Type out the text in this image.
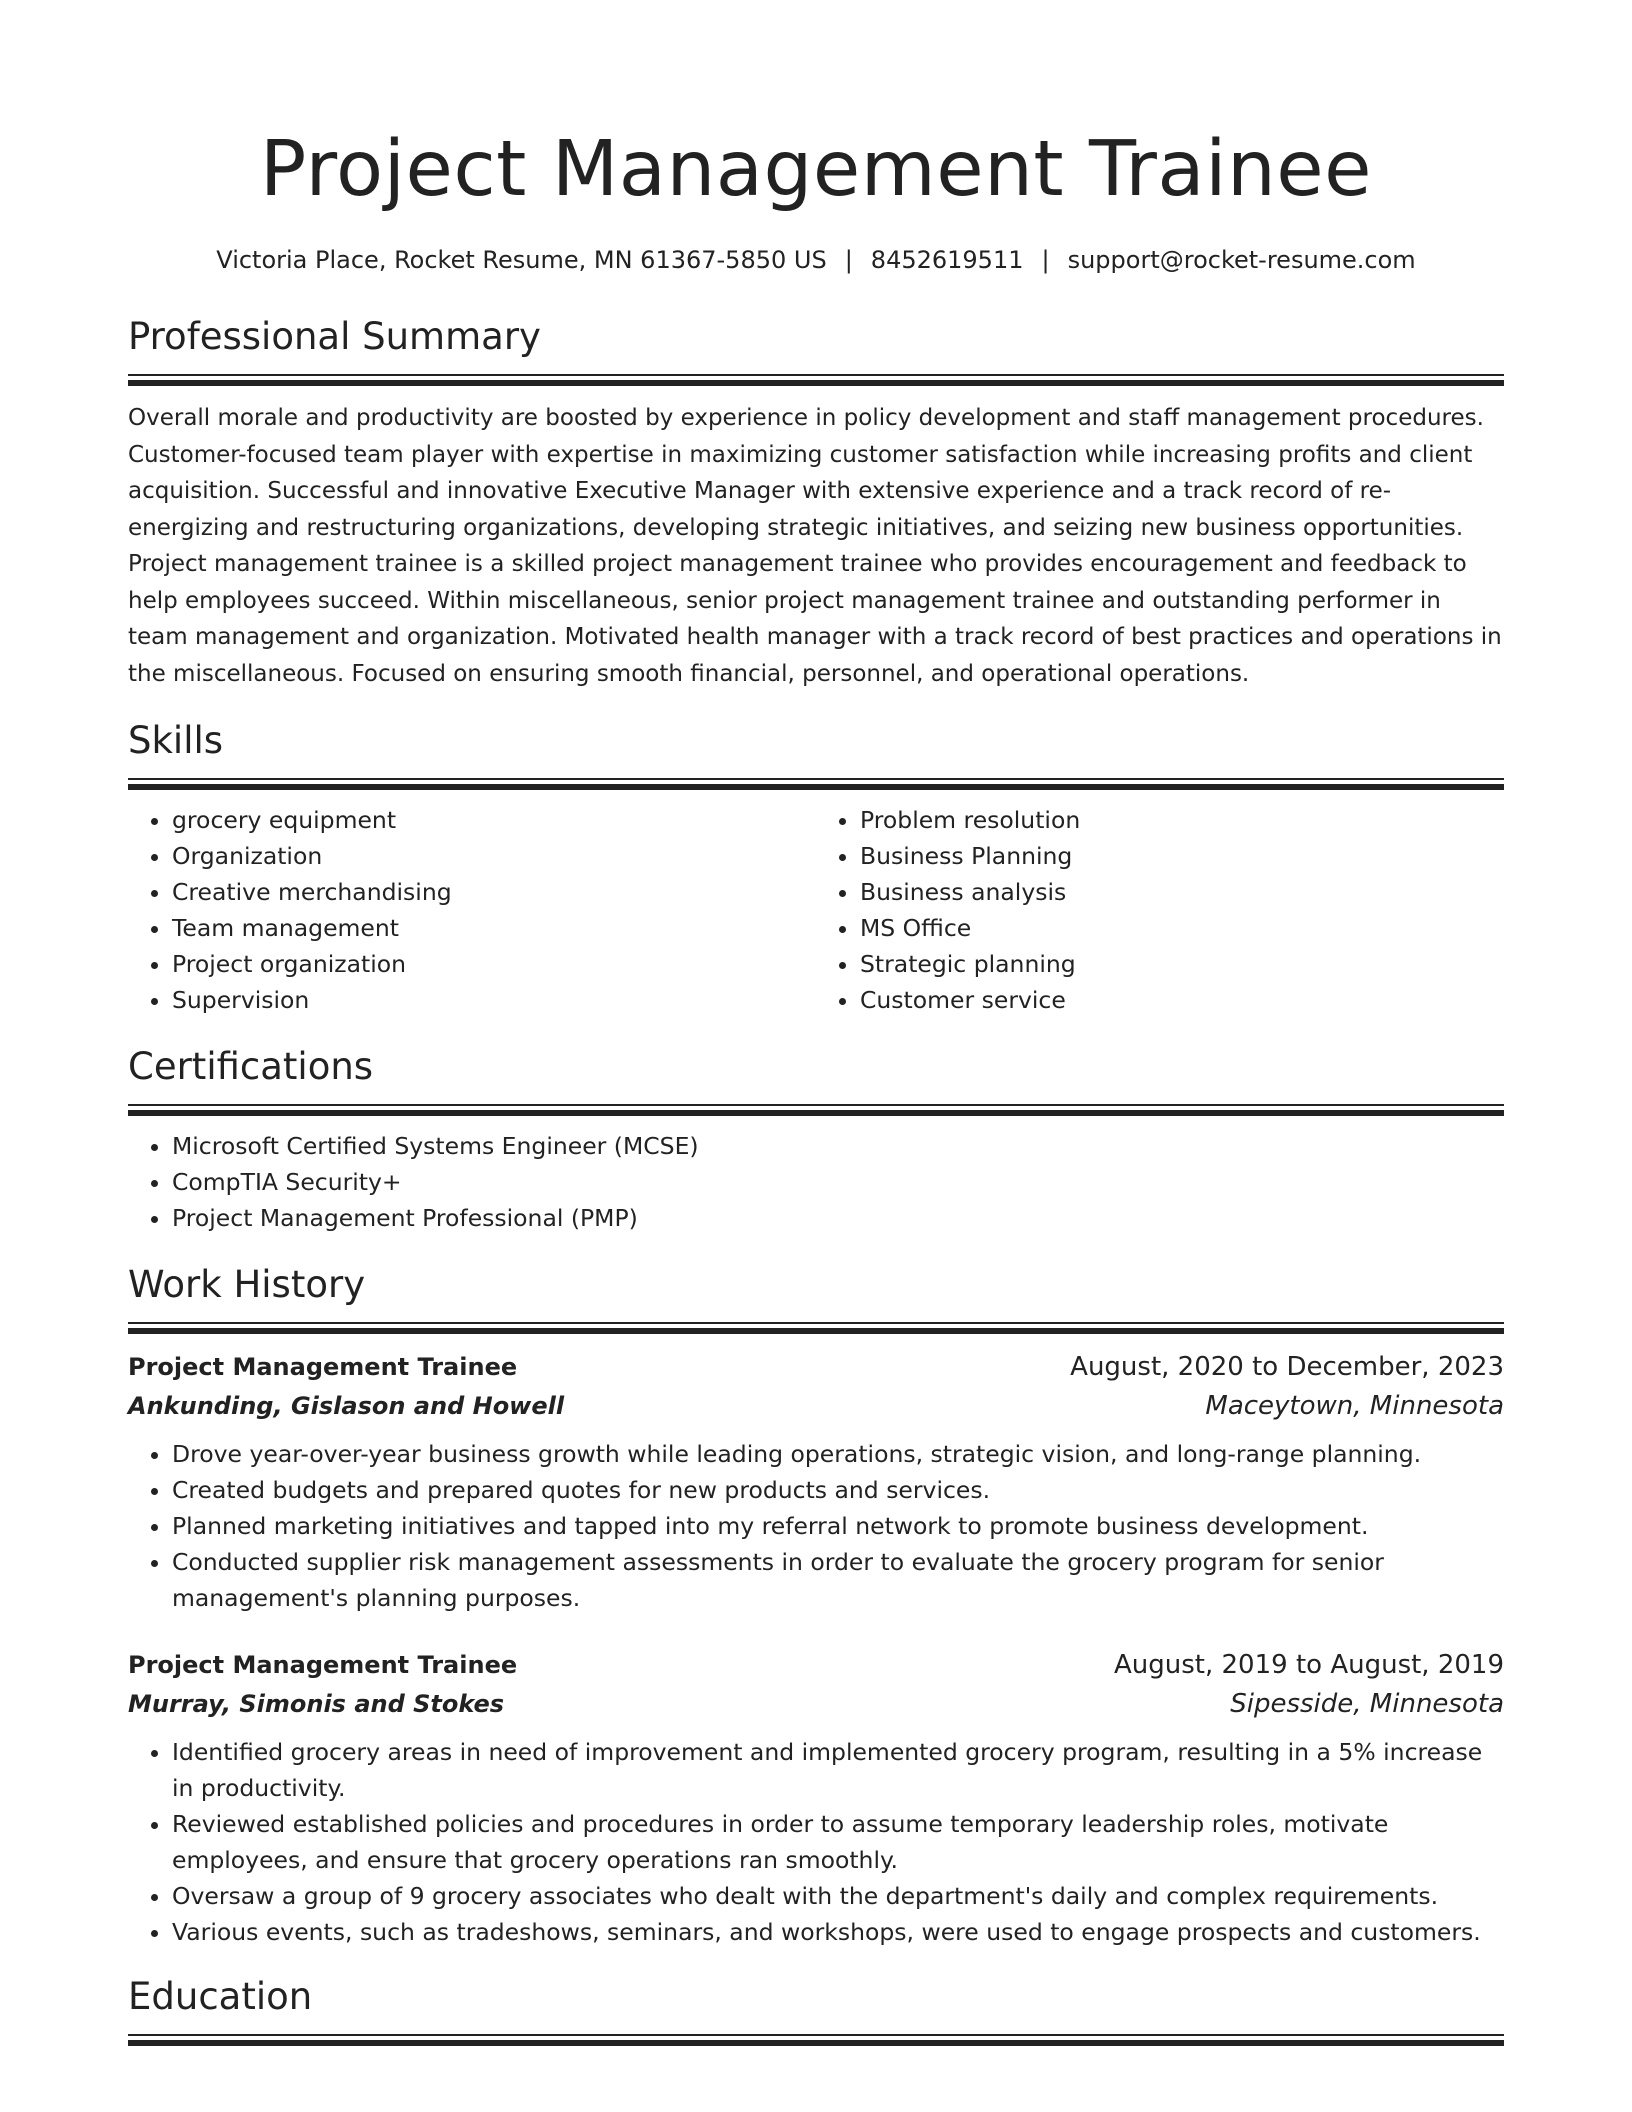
Project Management Trainee
Victoria Place, Rocket Resume, MN 61367-5850 US | 8452619511 | support@rocket-resume.com
Professional Summary

Overall morale and productivity are boosted by experience in policy development and staff management procedures. Customer-focused team player with expertise in maximizing customer satisfaction while increasing profits and client acquisition. Successful and innovative Executive Manager with extensive experience and a track record of re-energizing and restructuring organizations, developing strategic initiatives, and seizing new business opportunities. Project management trainee is a skilled project management trainee who provides encouragement and feedback to help employees succeed. Within miscellaneous, senior project management trainee and outstanding performer in team management and organization. Motivated health manager with a track record of best practices and operations in the miscellaneous. Focused on ensuring smooth financial, personnel, and operational operations.

Skills
• grocery equipment
• Organization
• Creative merchandising
• Team management
• Project organization
• Supervision
• Problem resolution
• Business Planning
• Business analysis
• MS Office
• Strategic planning
• Customer service
Certifications
• Microsoft Certified Systems Engineer (MCSE)
• CompTIA Security+
• Project Management Professional (PMP)
Work History
Project Management Trainee	August, 2020 to December, 2023
Ankunding, Gislason and Howell	Maceytown, Minnesota
• Drove year-over-year business growth while leading operations, strategic vision, and long-range planning.
• Created budgets and prepared quotes for new products and services.
• Planned marketing initiatives and tapped into my referral network to promote business development.
• Conducted supplier risk management assessments in order to evaluate the grocery program for senior management's planning purposes.
Project Management Trainee	August, 2019 to August, 2019
Murray, Simonis and Stokes	Sipesside, Minnesota
• Identified grocery areas in need of improvement and implemented grocery program, resulting in a 5% increase in productivity.
• Reviewed established policies and procedures in order to assume temporary leadership roles, motivate employees, and ensure that grocery operations ran smoothly.
• Oversaw a group of 9 grocery associates who dealt with the department's daily and complex requirements.
• Various events, such as tradeshows, seminars, and workshops, were used to engage prospects and customers.
Education
